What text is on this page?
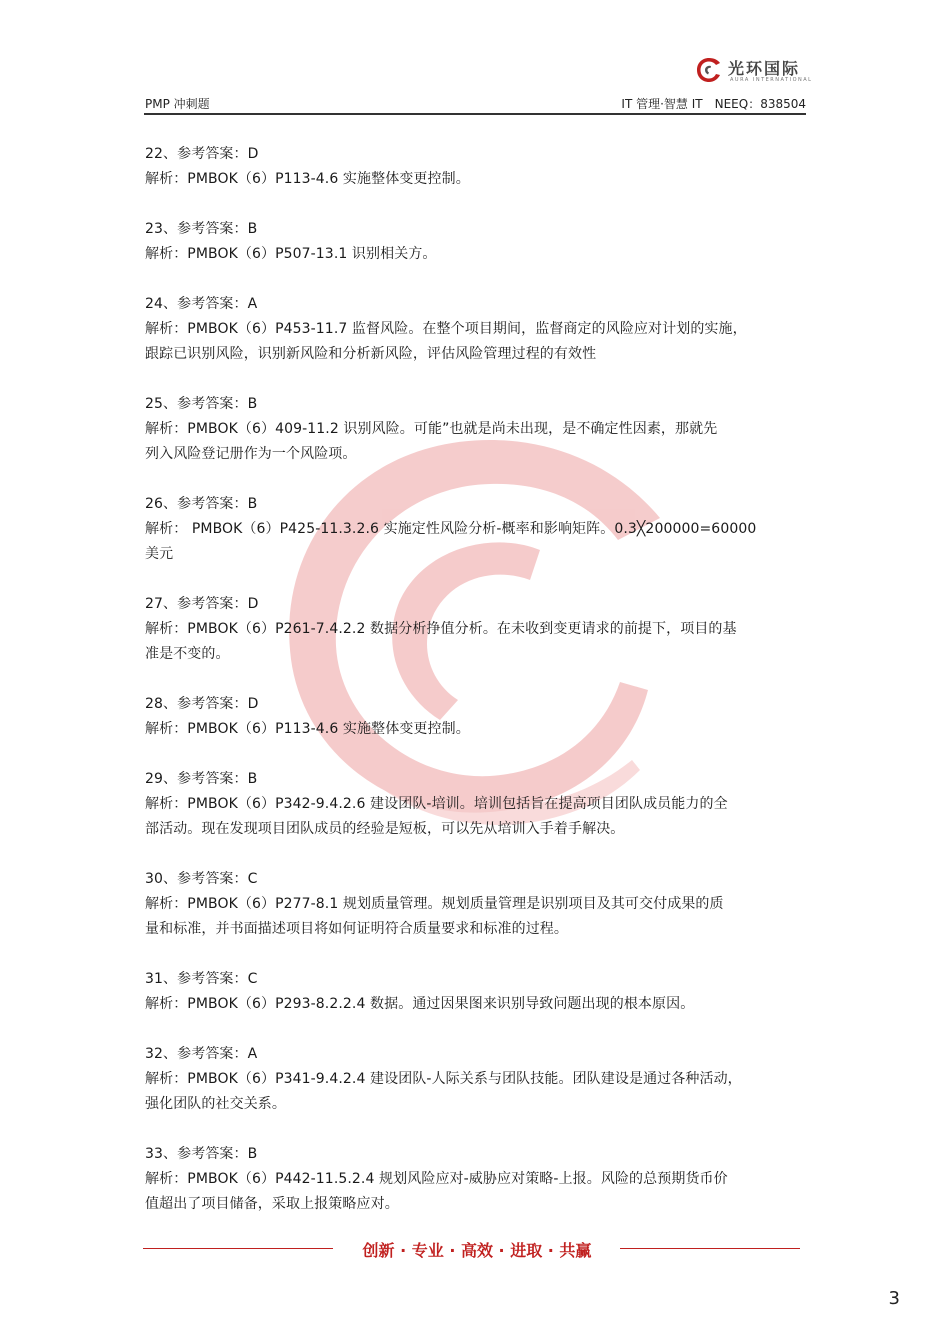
光环国际
AURA INTERNATIONAL
PMP 冲刺题	IT 管理·智慧 IT　NEEQ：838504

22、参考答案：D

解析：PMBOK（6）P113-4.6 实施整体变更控制。

23、参考答案：B

解析：PMBOK（6）P507-13.1 识别相关方。

24、参考答案：A

解析：PMBOK（6）P453-11.7 监督风险。在整个项目期间，监督商定的风险应对计划的实施，

跟踪已识别风险，识别新风险和分析新风险，评估风险管理过程的有效性

25、参考答案：B

解析：PMBOK（6）409-11.2 识别风险。可能”也就是尚未出现，是不确定性因素，那就先

列入风险登记册作为一个风险项。

26、参考答案：B

解析： PMBOK（6）P425-11.3.2.6 实施定性风险分析-概率和影响矩阵。0.3╳200000=60000

美元

27、参考答案：D

解析：PMBOK（6）P261-7.4.2.2 数据分析挣值分析。在未收到变更请求的前提下，项目的基

准是不变的。

28、参考答案：D

解析：PMBOK（6）P113-4.6 实施整体变更控制。

29、参考答案：B

解析：PMBOK（6）P342-9.4.2.6 建设团队-培训。培训包括旨在提高项目团队成员能力的全

部活动。现在发现项目团队成员的经验是短板，可以先从培训入手着手解决。

30、参考答案：C

解析：PMBOK（6）P277-8.1 规划质量管理。规划质量管理是识别项目及其可交付成果的质

量和标准，并书面描述项目将如何证明符合质量要求和标准的过程。

31、参考答案：C

解析：PMBOK（6）P293-8.2.2.4 数据。通过因果图来识别导致问题出现的根本原因。

32、参考答案：A

解析：PMBOK（6）P341-9.4.2.4 建设团队-人际关系与团队技能。团队建设是通过各种活动，

强化团队的社交关系。

33、参考答案：B

解析：PMBOK（6）P442-11.5.2.4 规划风险应对-威胁应对策略-上报。风险的总预期货币价

值超出了项目储备，采取上报策略应对。

创新 · 专业 · 高效 · 进取 · 共赢
3
